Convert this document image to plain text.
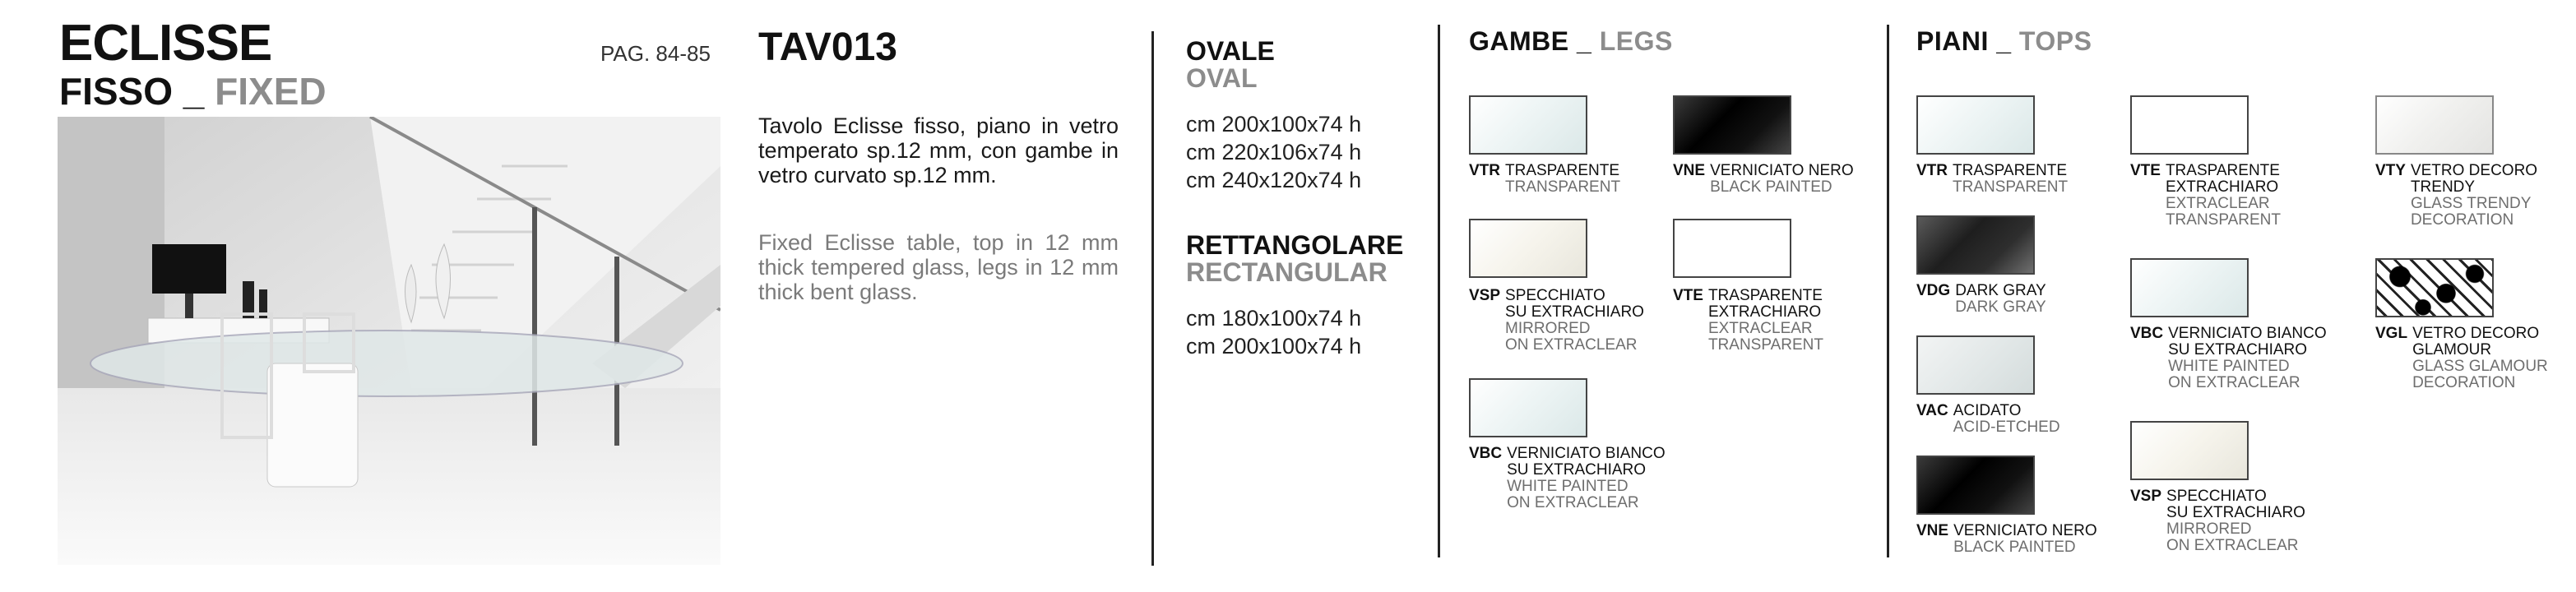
ECLISSE
FISSO _ FIXED
PAG. 84-85 TAV013
Tavolo Eclisse fisso, piano in vetro temperato sp.12 mm, con gambe in vetro curvato sp.12 mm.
Fixed Eclisse table, top in 12 mm thick tempered glass, legs in 12 mm thick bent glass.
OVALE
OVAL
cm 200x100x74 h
cm 220x106x74 h
cm 240x120x74 h
RETTANGOLARE
RECTANGULAR
cm 180x100x74 h
cm 200x100x74 h
GAMBE _ LEGS
VTR TRASPARENTE
TRANSPARENT
VNE VERNICIATO NERO
BLACK PAINTED
VSP SPECCHIATO
SU EXTRACHIARO
MIRRORED
ON EXTRACLEAR
VTE TRASPARENTE
EXTRACHIARO
EXTRACLEAR
TRANSPARENT
VBC VERNICIATO BIANCO
SU EXTRACHIARO
WHITE PAINTED
ON EXTRACLEAR
PIANI _ TOPS
VTR TRASPARENTE
TRANSPARENT
VDG DARK GRAY
DARK GRAY
VAC ACIDATO
ACID-ETCHED
VNE VERNICIATO NERO
BLACK PAINTED
VTE TRASPARENTE
EXTRACHIARO
EXTRACLEAR
TRANSPARENT
VBC VERNICIATO BIANCO
SU EXTRACHIARO
WHITE PAINTED
ON EXTRACLEAR
VSP SPECCHIATO
SU EXTRACHIARO
MIRRORED
ON EXTRACLEAR
VTY VETRO DECORO
TRENDY
GLASS TRENDY
DECORATION
VGL VETRO DECORO
GLAMOUR
GLASS GLAMOUR
DECORATION
